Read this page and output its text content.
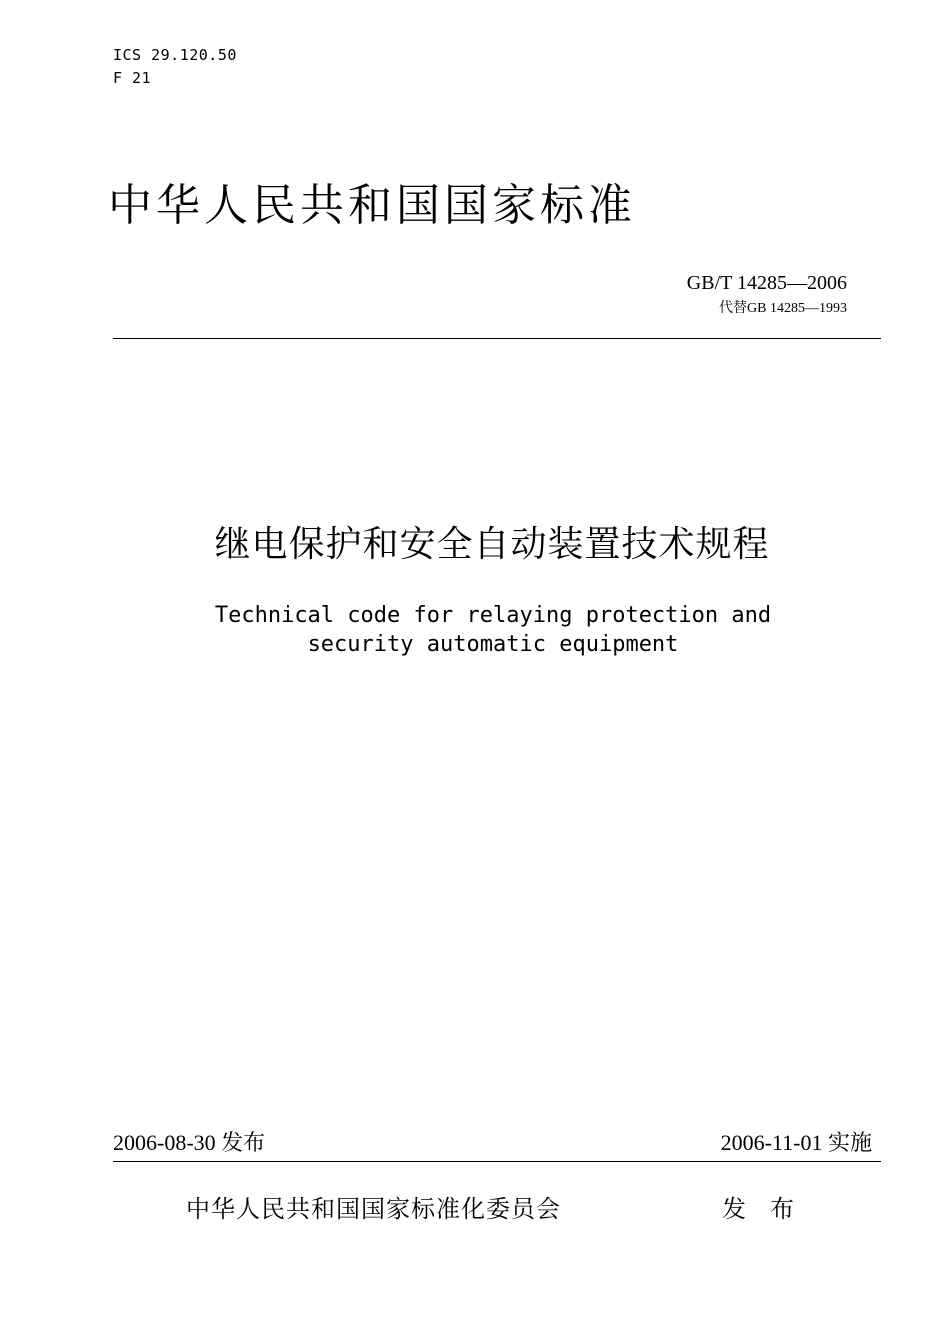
ICS 29.120.50
F 21
中华人民共和国国家标准
GB/T 14285—2006
代替GB 14285—1993
继电保护和安全自动装置技术规程
Technical code for relaying protection and
security automatic equipment
2006-08-30 发布	2006-11-01 实施
中华人民共和国国家标准化委员会	发布
